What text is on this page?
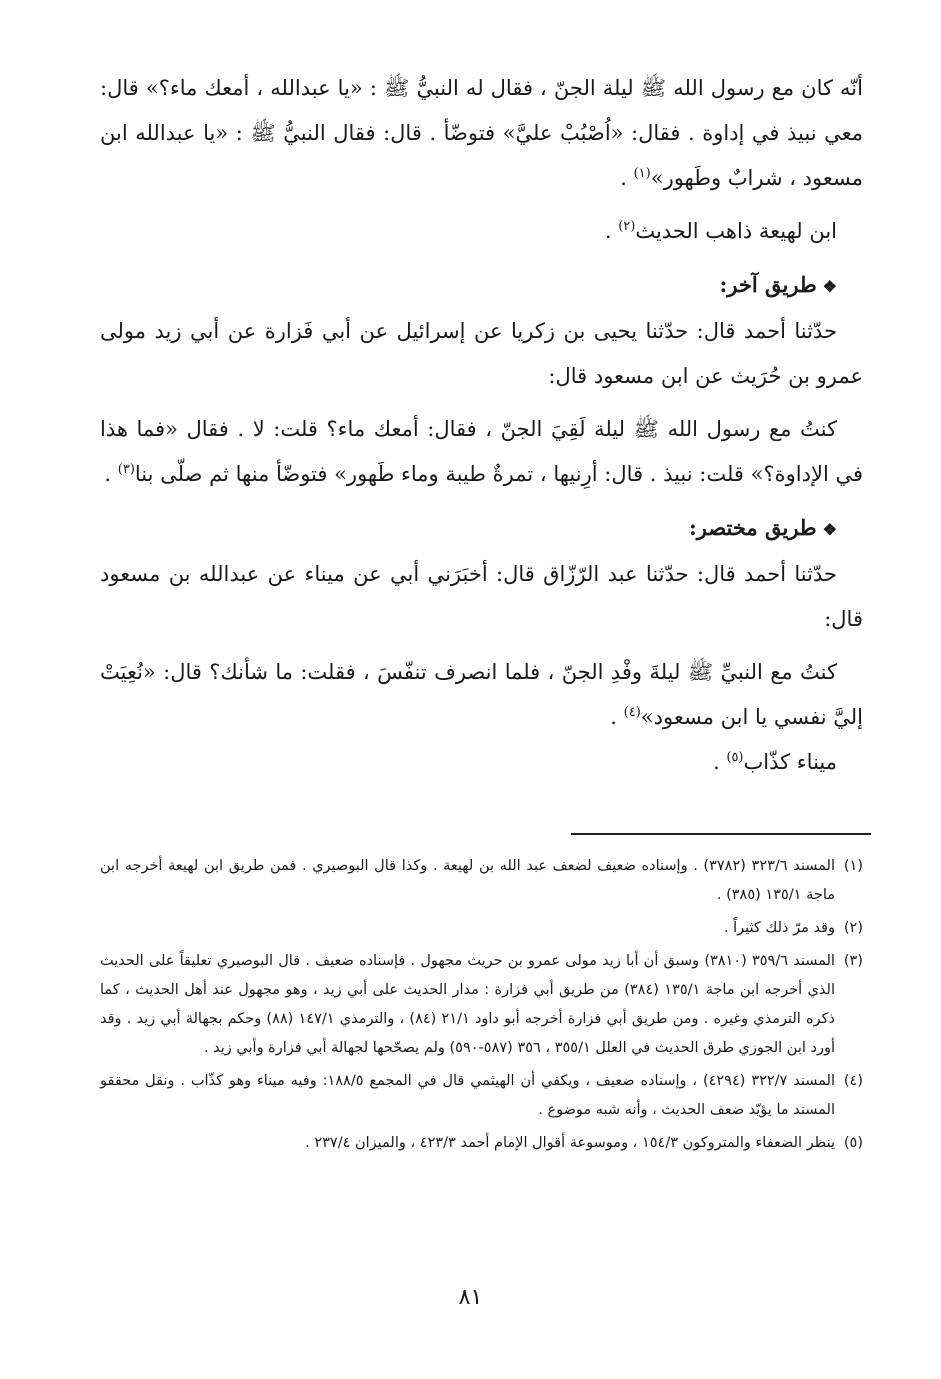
أنّه كان مع رسول الله ﷺ ليلة الجنّ ، فقال له النبيُّ ﷺ : «يا عبدالله ، أمعك ماء؟» قال: معي نبيذ في إداوة . فقال: «اُصْبُبْ عليَّ» فتوضّأ . قال: فقال النبيُّ ﷺ : «يا عبدالله ابن مسعود ، شرابٌ وطَهور»$^{(١)}$ .

ابن لهيعة ذاهب الحديث$^{(٢)}$ .

❖طريق آخر:

حدّثنا أحمد قال: حدّثنا يحيى بن زكريا عن إسرائيل عن أبي فَزارة عن أبي زيد مولى عمرو بن حُرَيث عن ابن مسعود قال:

كنتُ مع رسول الله ﷺ ليلة لَقِيَ الجنّ ، فقال: أمعك ماء؟ قلت: لا . فقال «فما هذا في الإداوة؟» قلت: نبيذ . قال: أرِنيها ، تمرةٌ طيبة وماء طَهور» فتوضّأ منها ثم صلّى بنا$^{(٣)}$ .

❖طريق مختصر:

حدّثنا أحمد قال: حدّثنا عبد الرّزّاق قال: أخبَرَني أبي عن ميناء عن عبدالله بن مسعود قال:

كنتُ مع النبيِّ ﷺ ليلةَ وفْدِ الجنّ ، فلما انصرف تنفّسَ ، فقلت: ما شأنك؟ قال: «نُعِيَتْ إليَّ نفسي يا ابن مسعود»$^{(٤)}$ .

ميناء كذّاب$^{(٥)}$ .

(١)المسند ٣٢٣/٦ (٣٧٨٢) . وإسناده ضعيف لضعف عبد الله بن لهيعة . وكذا قال البوصيري . فمن طريق ابن لهيعة أخرجه ابن ماجة ١٣٥/١ (٣٨٥) .

(٢)وقد مرّ ذلك كثيراً .

(٣)المسند ٣٥٩/٦ (٣٨١٠) وسبق أن أبا زيد مولى عمرو بن حريث مجهول . فإسناده ضعيف . قال البوصيري تعليقاً على الحديث الذي أخرجه ابن ماجة ١٣٥/١ (٣٨٤) من طريق أبي فزارة : مدار الحديث على أبي زيد ، وهو مجهول عند أهل الحديث ، كما ذكره الترمذي وغيره . ومن طريق أبي فزارة أخرجه أبو داود ٢١/١ (٨٤) ، والترمذي ١٤٧/١ (٨٨) وحكم بجهالة أبي زيد . وقد أورد ابن الجوزي طرق الحديث في العلل ٣٥٥/١ ، ٣٥٦ (٥٨٧-٥٩٠) ولم يصحّحها لجهالة أبي فزارة وأبي زيد .

(٤)المسند ٣٢٢/٧ (٤٢٩٤) ، وإسناده ضعيف ، ويكفي أن الهيثمي قال في المجمع ١٨٨/٥: وفيه ميناء وهو كذّاب . ونقل محققو المسند ما يؤيّد ضعف الحديث ، وأنه شبه موضوع .

(٥)ينظر الضعفاء والمتروكون ١٥٤/٣ ، وموسوعة أقوال الإمام أحمد ٤٢٣/٣ ، والميزان ٢٣٧/٤ .

٨١
